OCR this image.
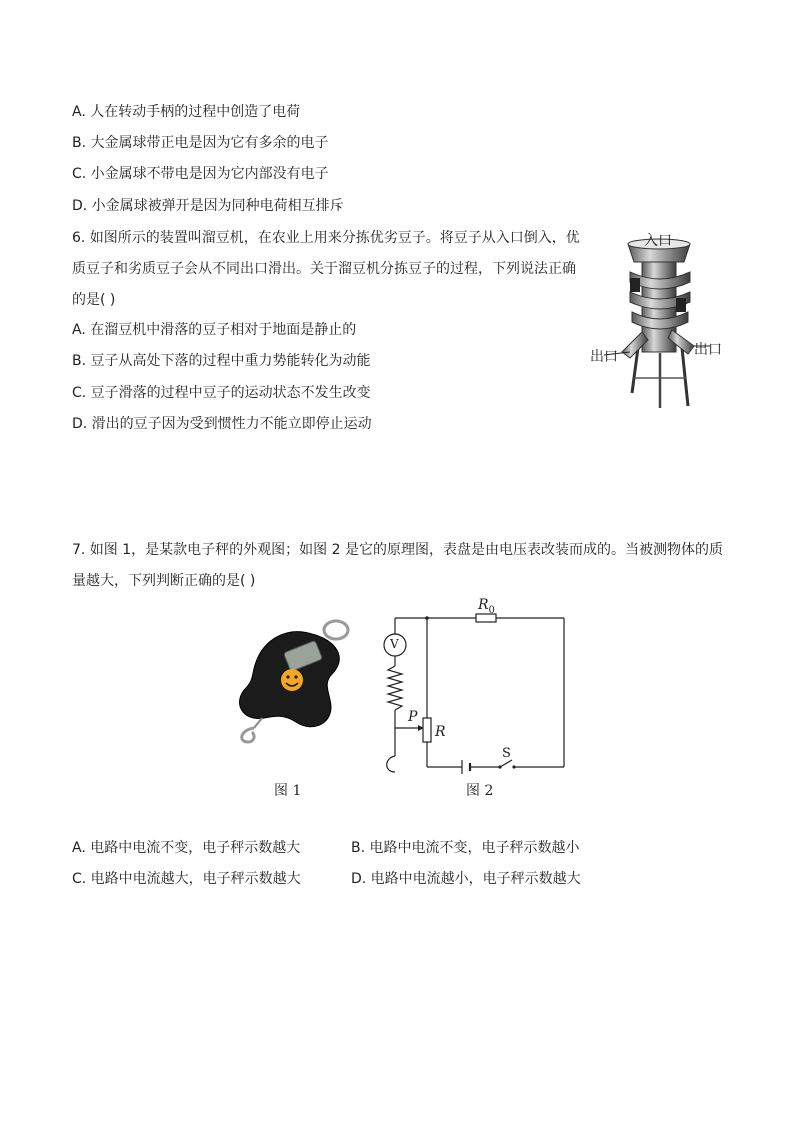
A. 人在转动手柄的过程中创造了电荷
B. 大金属球带正电是因为它有多余的电子
C. 小金属球不带电是因为它内部没有电子
D. 小金属球被弹开是因为同种电荷相互排斥
6. 如图所示的装置叫溜豆机，在农业上用来分拣优劣豆子。将豆子从入口倒入，优
质豆子和劣质豆子会从不同出口滑出。关于溜豆机分拣豆子的过程，下列说法正确
的是( )
A. 在溜豆机中滑落的豆子相对于地面是静止的
B. 豆子从高处下落的过程中重力势能转化为动能
C. 豆子滑落的过程中豆子的运动状态不发生改变
D. 滑出的豆子因为受到惯性力不能立即停止运动
入口
出口	出口
7. 如图 1，是某款电子秤的外观图；如图 2 是它的原理图，表盘是由电压表改装而成的。当被测物体的质
量越大，下列判断正确的是( )
图 1
V
$R_0$
R
P
S
图 2
A. 电路中电流不变，电子秤示数越大	B. 电路中电流不变，电子秤示数越小
C. 电路中电流越大，电子秤示数越大	D. 电路中电流越小，电子秤示数越大
